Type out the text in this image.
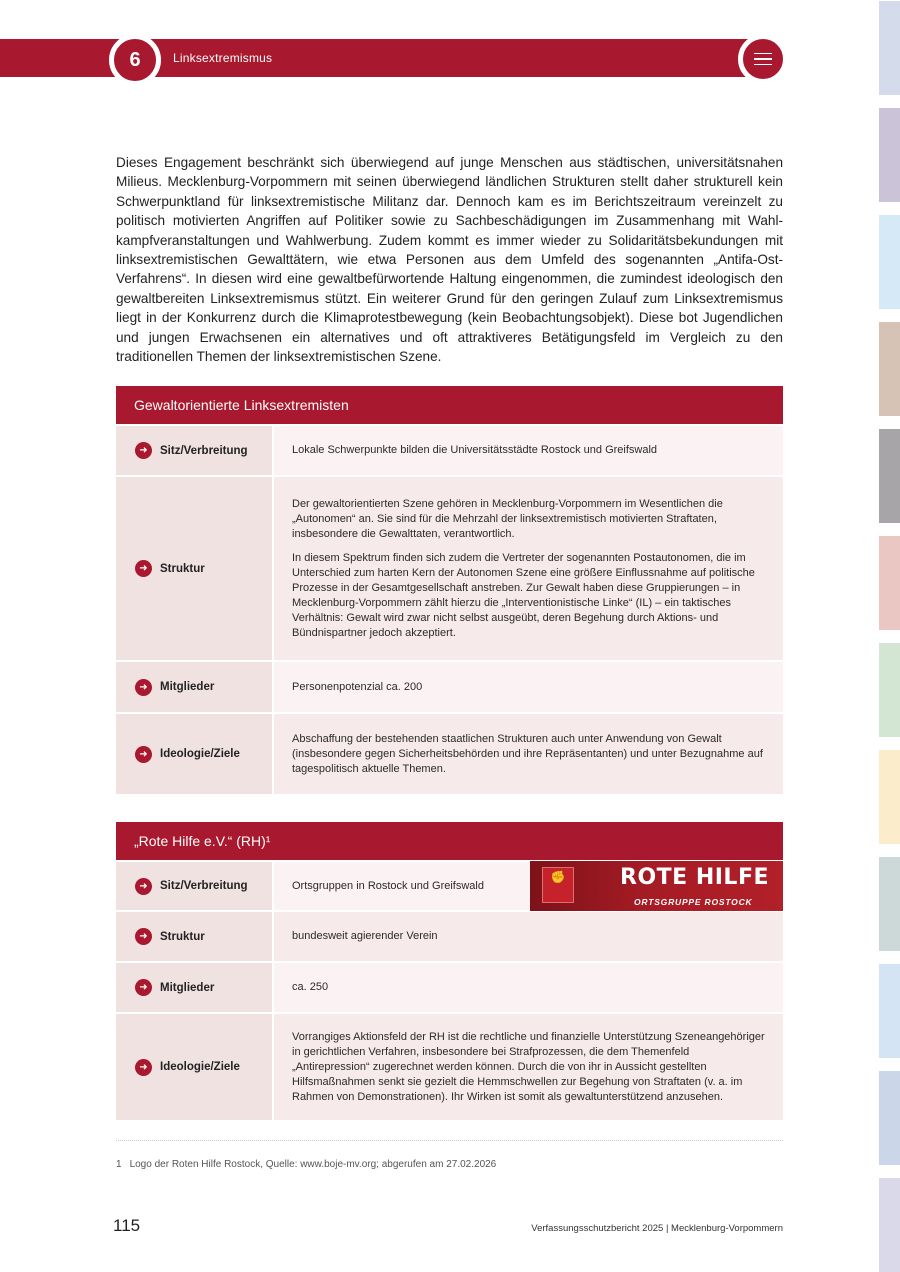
6	Linksextremismus

Dieses Engagement beschränkt sich überwiegend auf junge Menschen aus städtischen, universitätsnahen Milieus. Mecklenburg-Vorpommern mit seinen überwiegend ländlichen Strukturen stellt daher strukturell kein Schwerpunktland für linksextremistische Militanz dar. Dennoch kam es im Berichtszeitraum vereinzelt zu politisch motivierten Angriffen auf Politiker sowie zu Sachbeschädigungen im Zusammenhang mit Wahlkampfveranstaltungen und Wahlwerbung. Zudem kommt es immer wieder zu Solidaritätsbekundungen mit linksextremistischen Gewalttätern, wie etwa Personen aus dem Umfeld des sogenannten „Antifa-Ost-Verfahrens“. In diesen wird eine gewaltbefürwortende Haltung eingenommen, die zumindest ideologisch den gewaltbereiten Linksextremismus stützt. Ein weiterer Grund für den geringen Zulauf zum Linksextremismus liegt in der Konkurrenz durch die Klimaprotestbewegung (kein Beobachtungsobjekt). Diese bot Jugendlichen und jungen Erwachsenen ein alternatives und oft attraktiveres Betätigungsfeld im Vergleich zu den traditionellen Themen der linksextremistischen Szene.

Gewaltorientierte Linksextremisten
➜	Sitz/Verbreitung	Lokale Schwerpunkte bilden die Universitätsstädte Rostock und Greifswald
➜	Struktur

Der gewaltorientierten Szene gehören in Mecklenburg-Vorpommern im Wesentlichen die „Autonomen“ an. Sie sind für die Mehrzahl der linksextremistisch motivierten Straftaten, insbesondere die Gewalttaten, verantwortlich.

In diesem Spektrum finden sich zudem die Vertreter der sogenannten Postautonomen, die im Unterschied zum harten Kern der Autonomen Szene eine größere Einflussnahme auf politische Prozesse in der Gesamtgesellschaft anstreben. Zur Gewalt haben diese Gruppierungen – in Mecklenburg-Vorpommern zählt hierzu die „Interventionistische Linke“ (IL) – ein taktisches Verhältnis: Gewalt wird zwar nicht selbst ausgeübt, deren Begehung durch Aktions- und Bündnispartner jedoch akzeptiert.

➜	Mitglieder	Personenpotenzial ca. 200
➜	Ideologie/Ziele
Abschaffung der bestehenden staatlichen Strukturen auch unter Anwendung von Gewalt (insbesondere gegen Sicherheitsbehörden und ihre Repräsentanten) und unter Bezugnahme auf tagespolitisch aktuelle Themen.
„Rote Hilfe e.V.“ (RH)¹
➜	Sitz/Verbreitung	Ortsgruppen in Rostock und Greifswald
✊	ROTE HILFE
ORTSGRUPPE ROSTOCK
➜	Struktur	bundesweit agierender Verein
➜	Mitglieder	ca. 250
➜	Ideologie/Ziele
Vorrangiges Aktionsfeld der RH ist die rechtliche und finanzielle Unterstützung Szeneangehöriger in gerichtlichen Verfahren, insbesondere bei Strafprozessen, die dem Themenfeld „Antirepression“ zugerechnet werden können. Durch die von ihr in Aussicht gestellten Hilfsmaßnahmen senkt sie gezielt die Hemmschwellen zur Begehung von Straftaten (v. a. im Rahmen von Demonstrationen). Ihr Wirken ist somit als gewaltunterstützend anzusehen.
1 Logo der Roten Hilfe Rostock, Quelle: www.boje-mv.org; abgerufen am 27.02.2026
115	Verfassungsschutzbericht 2025 | Mecklenburg-Vorpommern
